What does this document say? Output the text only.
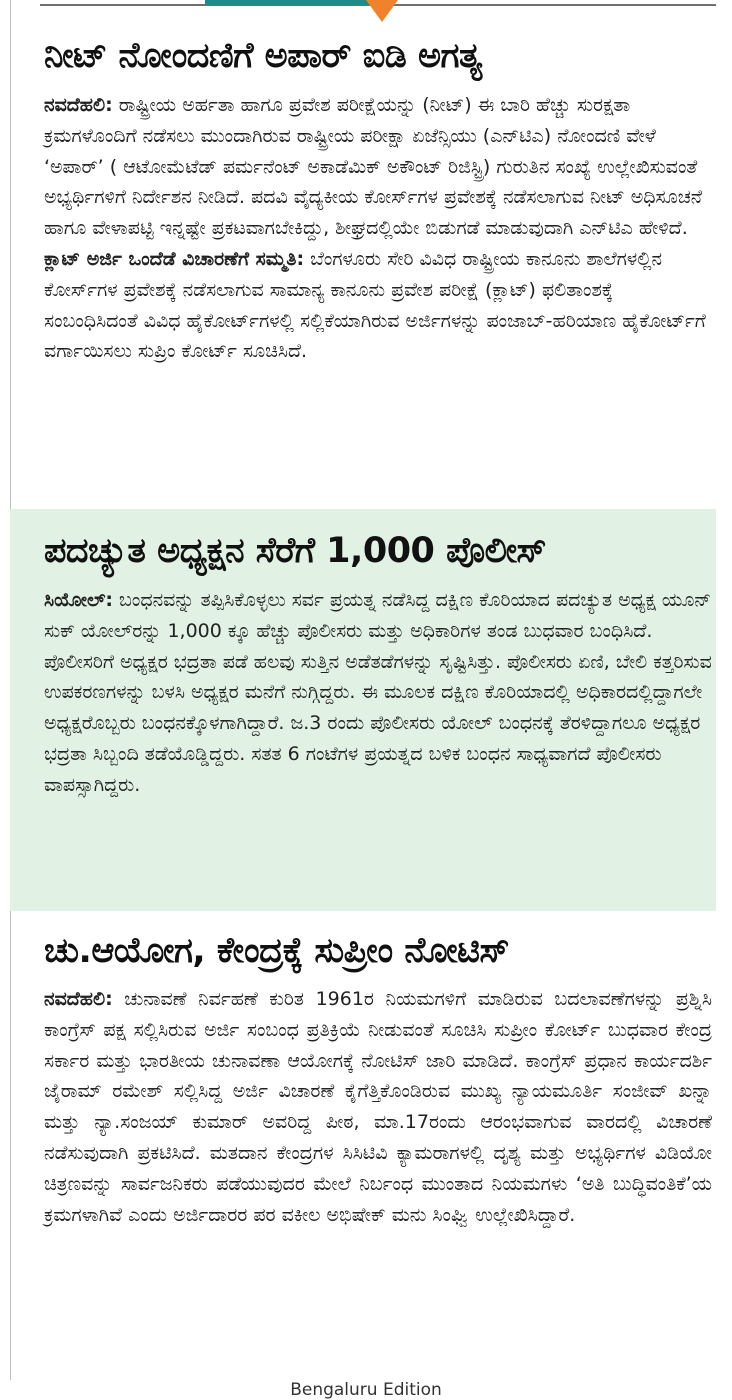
ನೀಟ್ ನೋಂದಣಿಗೆ ಅಪಾರ್ ಐಡಿ ಅಗತ್ಯ

ನವದೆಹಲಿ: ರಾಷ್ಟ್ರೀಯ ಅರ್ಹತಾ ಹಾಗೂ ಪ್ರವೇಶ ಪರೀಕ್ಷೆಯನ್ನು (ನೀಟ್) ಈ ಬಾರಿ ಹೆಚ್ಚು ಸುರಕ್ಷತಾ ಕ್ರಮಗಳೊಂದಿಗೆ ನಡೆಸಲು ಮುಂದಾಗಿರುವ ರಾಷ್ಟ್ರೀಯ ಪರೀಕ್ಷಾ ಏಜೆನ್ಸಿಯು (ಎನ್‌ಟಿಎ) ನೋಂದಣಿ ವೇಳೆ ‘ಅಪಾರ್’ ( ಆಟೋಮೆಟೆಡ್ ಪರ್ಮನೆಂಟ್ ಅಕಾಡೆಮಿಕ್ ಅಕೌಂಟ್ ರಿಜಿಸ್ಟ್ರಿ) ಗುರುತಿನ ಸಂಖ್ಯೆ ಉಲ್ಲೇಖಿಸುವಂತೆ ಅಭ್ಯರ್ಥಿಗಳಿಗೆ ನಿರ್ದೇಶನ ನೀಡಿದೆ. ಪದವಿ ವೈದ್ಯಕೀಯ ಕೋರ್ಸ್‌ಗಳ ಪ್ರವೇಶಕ್ಕೆ ನಡೆಸಲಾಗುವ ನೀಟ್ ಅಧಿಸೂಚನೆ ಹಾಗೂ ವೇಳಾಪಟ್ಟಿ ಇನ್ನಷ್ಟೇ ಪ್ರಕಟವಾಗಬೇಕಿದ್ದು, ಶೀಘ್ರದಲ್ಲಿಯೇ ಬಿಡುಗಡೆ ಮಾಡುವುದಾಗಿ ಎನ್‌ಟಿಎ ಹೇಳಿದೆ.

ಕ್ಲಾಟ್ ಅರ್ಜಿ ಒಂದೆಡೆ ವಿಚಾರಣೆಗೆ ಸಮ್ಮತಿ: ಬೆಂಗಳೂರು ಸೇರಿ ವಿವಿಧ ರಾಷ್ಟ್ರೀಯ ಕಾನೂನು ಶಾಲೆಗಳಲ್ಲಿನ ಕೋರ್ಸ್‌ಗಳ ಪ್ರವೇಶಕ್ಕೆ ನಡೆಸಲಾಗುವ ಸಾಮಾನ್ಯ ಕಾನೂನು ಪ್ರವೇಶ ಪರೀಕ್ಷೆ (ಕ್ಲಾಟ್) ಫಲಿತಾಂಶಕ್ಕೆ ಸಂಬಂಧಿಸಿದಂತೆ ವಿವಿಧ ಹೈಕೋರ್ಟ್‌ಗಳಲ್ಲಿ ಸಲ್ಲಿಕೆಯಾಗಿರುವ ಅರ್ಜಿಗಳನ್ನು ಪಂಜಾಬ್-ಹರಿಯಾಣ ಹೈಕೋರ್ಟ್‌ಗೆ ವರ್ಗಾಯಿಸಲು ಸುಪ್ರಿಂ ಕೋರ್ಟ್ ಸೂಚಿಸಿದೆ.

ಪದಚ್ಯುತ ಅಧ್ಯಕ್ಷನ ಸೆರೆಗೆ 1,000 ಪೊಲೀಸ್

ಸಿಯೋಲ್: ಬಂಧನವನ್ನು ತಪ್ಪಿಸಿಕೊಳ್ಳಲು ಸರ್ವ ಪ್ರಯತ್ನ ನಡೆಸಿದ್ದ ದಕ್ಷಿಣ ಕೊರಿಯಾದ ಪದಚ್ಯುತ ಅಧ್ಯಕ್ಷ ಯೂನ್ ಸುಕ್ ಯೋಲ್‌ರನ್ನು 1,000 ಕ್ಕೂ ಹೆಚ್ಚು ಪೊಲೀಸರು ಮತ್ತು ಅಧಿಕಾರಿಗಳ ತಂಡ ಬುಧವಾರ ಬಂಧಿಸಿದೆ. ಪೊಲೀಸರಿಗೆ ಅಧ್ಯಕ್ಷರ ಭದ್ರತಾ ಪಡೆ ಹಲವು ಸುತ್ತಿನ ಅಡೆತಡೆಗಳನ್ನು ಸೃಷ್ಟಿಸಿತ್ತು. ಪೊಲೀಸರು ಏಣಿ, ಬೇಲಿ ಕತ್ತರಿಸುವ ಉಪಕರಣಗಳನ್ನು ಬಳಸಿ ಅಧ್ಯಕ್ಷರ ಮನೆಗೆ ನುಗ್ಗಿದ್ದರು. ಈ ಮೂಲಕ ದಕ್ಷಿಣ ಕೊರಿಯಾದಲ್ಲಿ ಅಧಿಕಾರದಲ್ಲಿದ್ದಾಗಲೇ ಅಧ್ಯಕ್ಷರೊಬ್ಬರು ಬಂಧನಕ್ಕೊಳಗಾಗಿದ್ದಾರೆ. ಜ.3 ರಂದು ಪೊಲೀಸರು ಯೋಲ್ ಬಂಧನಕ್ಕೆ ತೆರಳಿದ್ದಾಗಲೂ ಅಧ್ಯಕ್ಷರ ಭದ್ರತಾ ಸಿಬ್ಬಂದಿ ತಡೆಯೊಡ್ಡಿದ್ದರು. ಸತತ 6 ಗಂಟೆಗಳ ಪ್ರಯತ್ನದ ಬಳಿಕ ಬಂಧನ ಸಾಧ್ಯವಾಗದೆ ಪೊಲೀಸರು ವಾಪಸ್ಸಾಗಿದ್ದರು.

ಚು.ಆಯೋಗ, ಕೇಂದ್ರಕ್ಕೆ ಸುಪ್ರೀಂ ನೋಟಿಸ್

ನವದೆಹಲಿ: ಚುನಾವಣೆ ನಿರ್ವಹಣೆ ಕುರಿತ 1961ರ ನಿಯಮಗಳಿಗೆ ಮಾಡಿರುವ ಬದಲಾವಣೆಗಳನ್ನು ಪ್ರಶ್ನಿಸಿ ಕಾಂಗ್ರೆಸ್ ಪಕ್ಷ ಸಲ್ಲಿಸಿರುವ ಅರ್ಜಿ ಸಂಬಂಧ ಪ್ರತಿಕ್ರಿಯೆ ನೀಡುವಂತೆ ಸೂಚಿಸಿ ಸುಪ್ರೀಂ ಕೋರ್ಟ್ ಬುಧವಾರ ಕೇಂದ್ರ ಸರ್ಕಾರ ಮತ್ತು ಭಾರತೀಯ ಚುನಾವಣಾ ಆಯೋಗಕ್ಕೆ ನೋಟಿಸ್ ಜಾರಿ ಮಾಡಿದೆ. ಕಾಂಗ್ರೆಸ್ ಪ್ರಧಾನ ಕಾರ್ಯದರ್ಶಿ ಜೈರಾಮ್ ರಮೇಶ್ ಸಲ್ಲಿಸಿದ್ದ ಅರ್ಜಿ ವಿಚಾರಣೆ ಕೈಗೆತ್ತಿಕೊಂಡಿರುವ ಮುಖ್ಯ ನ್ಯಾಯಮೂರ್ತಿ ಸಂಜೀವ್ ಖನ್ನಾ ಮತ್ತು ನ್ಯಾ.ಸಂಜಯ್ ಕುಮಾರ್ ಅವರಿದ್ದ ಪೀಠ, ಮಾ.17ರಂದು ಆರಂಭವಾಗುವ ವಾರದಲ್ಲಿ ವಿಚಾರಣೆ ನಡೆಸುವುದಾಗಿ ಪ್ರಕಟಿಸಿದೆ. ಮತದಾನ ಕೇಂದ್ರಗಳ ಸಿಸಿಟಿವಿ ಕ್ಯಾಮರಾಗಳಲ್ಲಿ ದೃಶ್ಯ ಮತ್ತು ಅಭ್ಯರ್ಥಿಗಳ ವಿಡಿಯೋ ಚಿತ್ರಣವನ್ನು ಸಾರ್ವಜನಿಕರು ಪಡೆಯುವುದರ ಮೇಲೆ ನಿರ್ಬಂಧ ಮುಂತಾದ ನಿಯಮಗಳು ‘ಅತಿ ಬುದ್ಧಿವಂತಿಕೆ’ಯ ಕ್ರಮಗಳಾಗಿವೆ ಎಂದು ಅರ್ಜಿದಾರರ ಪರ ವಕೀಲ ಅಭಿಷೇಕ್ ಮನು ಸಿಂಘ್ವಿ ಉಲ್ಲೇಖಿಸಿದ್ದಾರೆ.

Bengaluru Edition
